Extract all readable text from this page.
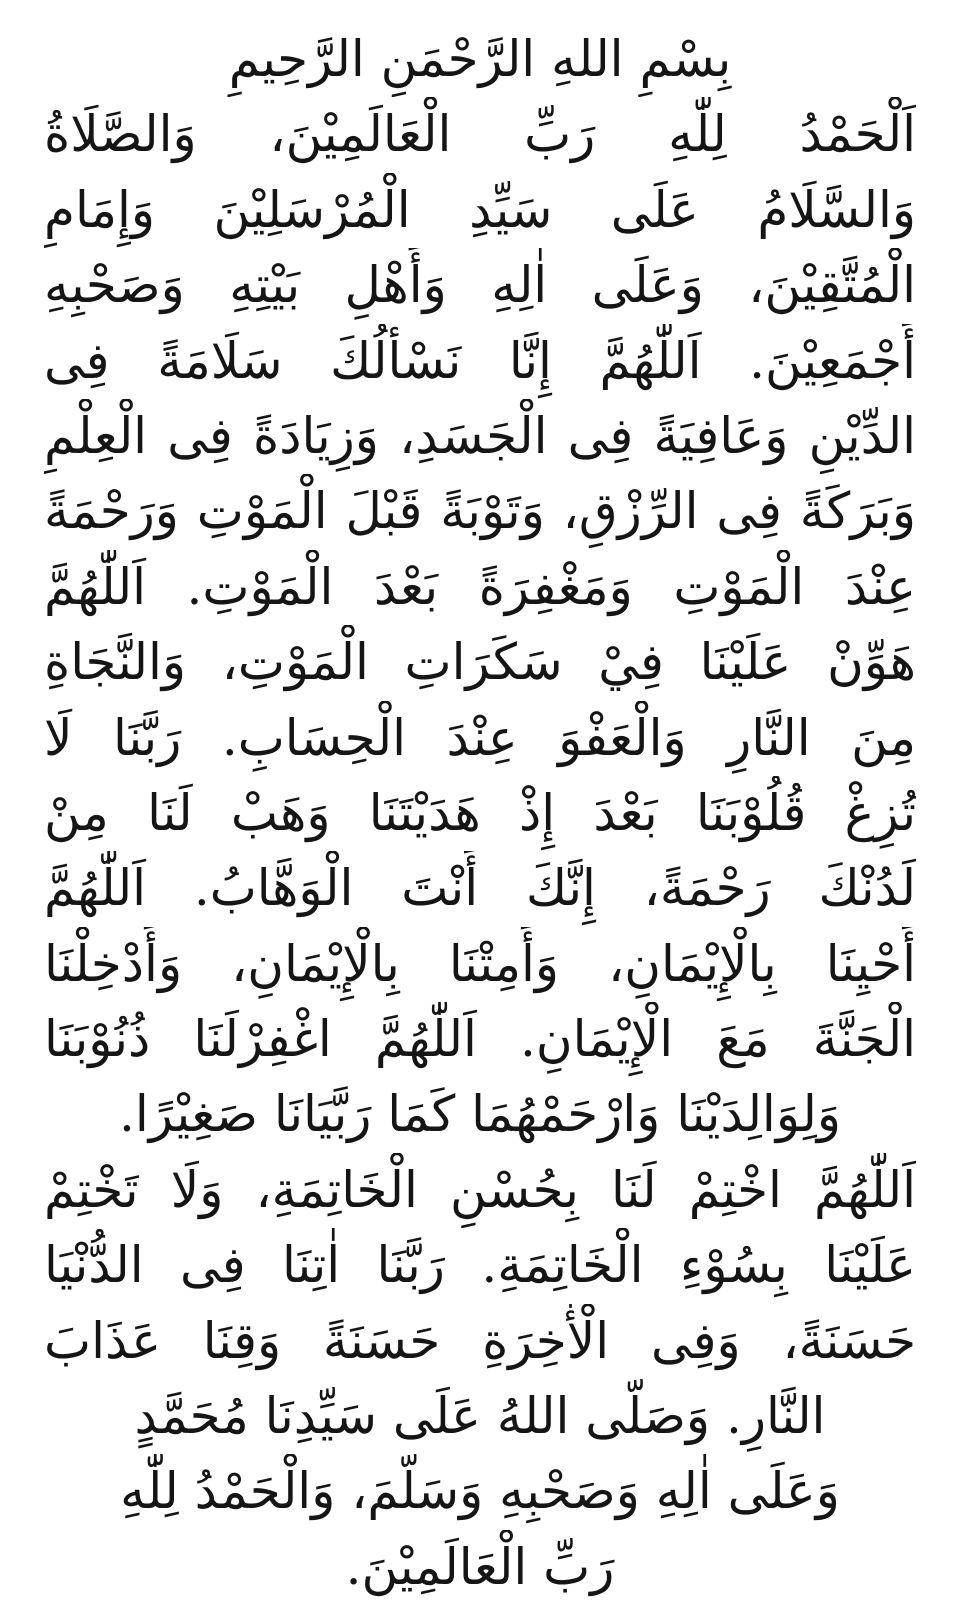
بِسْمِ اللهِ الرَّحْمَنِ الرَّحِيمِ
اَلْحَمْدُ لِلّٰهِ رَبِّ الْعَالَمِيْنَ، وَالصَّلَاةُ
وَالسَّلَامُ عَلَى سَيِّدِ الْمُرْسَلِيْنَ وَإِمَامِ
الْمُتَّقِيْنَ، وَعَلَى اٰلِهِ وَأَهْلِ بَيْتِهِ وَصَحْبِهِ
أَجْمَعِيْنَ. اَللّٰهُمَّ إِنَّا نَسْأَلُكَ سَلَامَةً فِى
الدِّيْنِ وَعَافِيَةً فِى الْجَسَدِ، وَزِيَادَةً فِى الْعِلْمِ
وَبَرَكَةً فِى الرِّزْقِ، وَتَوْبَةً قَبْلَ الْمَوْتِ وَرَحْمَةً
عِنْدَ الْمَوْتِ وَمَغْفِرَةً بَعْدَ الْمَوْتِ. اَللّٰهُمَّ
هَوِّنْ عَلَيْنَا فِيْ سَكَرَاتِ الْمَوْتِ، وَالنَّجَاةِ
مِنَ النَّارِ وَالْعَفْوَ عِنْدَ الْحِسَابِ. رَبَّنَا لَا
تُزِغْ قُلُوْبَنَا بَعْدَ إِذْ هَدَيْتَنَا وَهَبْ لَنَا مِنْ
لَدُنْكَ رَحْمَةً، إِنَّكَ أَنْتَ الْوَهَّابُ. اَللّٰهُمَّ
أَحْيِنَا بِالْإِيْمَانِ، وَأَمِتْنَا بِالْإِيْمَانِ، وَأَدْخِلْنَا
الْجَنَّةَ مَعَ الْإِيْمَانِ. اَللّٰهُمَّ اغْفِرْلَنَا ذُنُوْبَنَا
وَلِوَالِدَيْنَا وَارْحَمْهُمَا كَمَا رَبَّيَانَا صَغِيْرًا.
اَللّٰهُمَّ اخْتِمْ لَنَا بِحُسْنِ الْخَاتِمَةِ، وَلَا تَخْتِمْ
عَلَيْنَا بِسُوْءِ الْخَاتِمَةِ. رَبَّنَا اٰتِنَا فِى الدُّنْيَا
حَسَنَةً، وَفِى الْأٰخِرَةِ حَسَنَةً وَقِنَا عَذَابَ
النَّارِ. وَصَلَّى اللهُ عَلَى سَيِّدِنَا مُحَمَّدٍ
وَعَلَى اٰلِهِ وَصَحْبِهِ وَسَلَّمَ، وَالْحَمْدُ لِلّٰهِ
رَبِّ الْعَالَمِيْنَ.
